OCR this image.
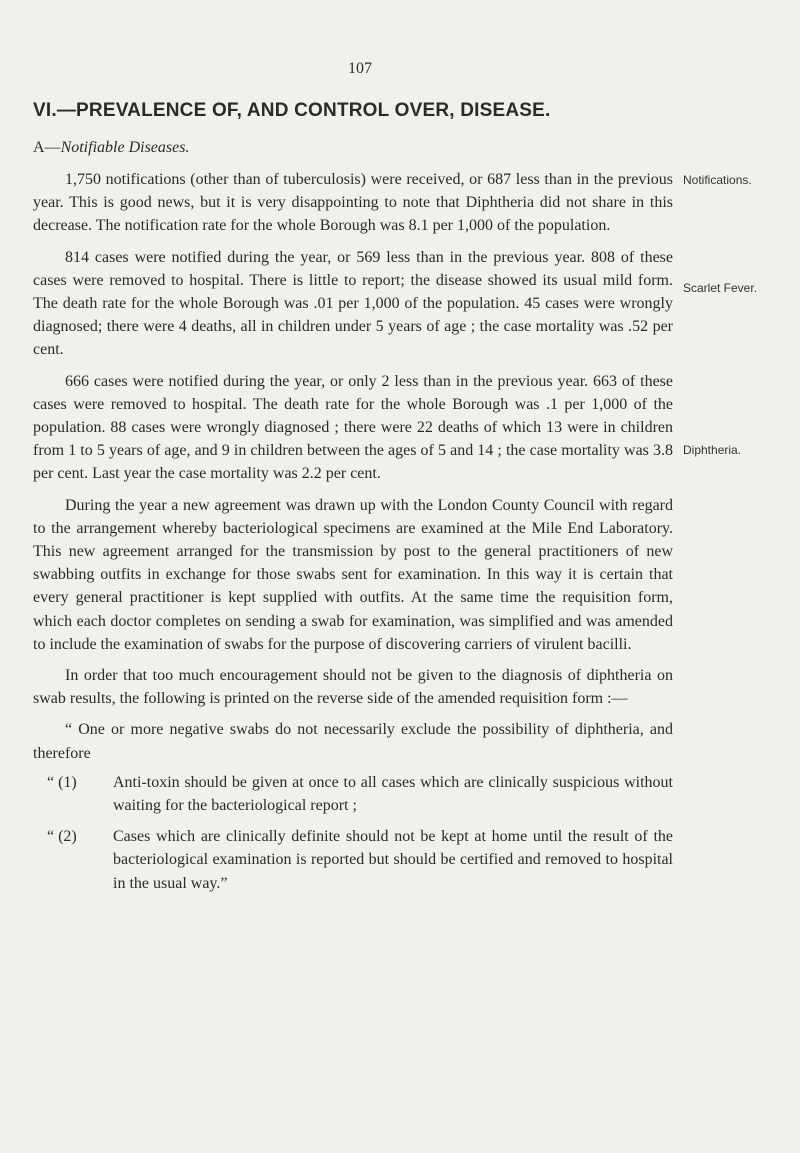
107
VI.—PREVALENCE OF, AND CONTROL OVER, DISEASE.
A—Notifiable Diseases.

1,750 notifications (other than of tuberculosis) were received, or 687 less than in the previous year. This is good news, but it is very disappointing to note that Diphtheria did not share in this decrease. The notification rate for the whole Borough was 8.1 per 1,000 of the population.

814 cases were notified during the year, or 569 less than in the previous year. 808 of these cases were removed to hospital. There is little to report; the disease showed its usual mild form. The death rate for the whole Borough was .01 per 1,000 of the population. 45 cases were wrongly diagnosed; there were 4 deaths, all in children under 5 years of age ; the case mortality was .52 per cent.

666 cases were notified during the year, or only 2 less than in the previous year. 663 of these cases were removed to hospital. The death rate for the whole Borough was .1 per 1,000 of the population. 88 cases were wrongly diagnosed ; there were 22 deaths of which 13 were in children from 1 to 5 years of age, and 9 in children between the ages of 5 and 14 ; the case mortality was 3.8 per cent. Last year the case mortality was 2.2 per cent.

During the year a new agreement was drawn up with the London County Council with regard to the arrangement whereby bacteriological specimens are examined at the Mile End Laboratory. This new agreement arranged for the transmission by post to the general practitioners of new swabbing outfits in exchange for those swabs sent for examination. In this way it is certain that every general practitioner is kept supplied with outfits. At the same time the requisition form, which each doctor completes on sending a swab for examination, was simplified and was amended to include the examination of swabs for the purpose of discovering carriers of virulent bacilli.

In order that too much encouragement should not be given to the diagnosis of diphtheria on swab results, the following is printed on the reverse side of the amended requisition form :—

“ One or more negative swabs do not necessarily exclude the possibility of diphtheria, and therefore

“ (1)	Anti-toxin should be given at once to all cases which are clinically suspicious without waiting for the bacteriological report ;
“ (2)	Cases which are clinically definite should not be kept at home until the result of the bacteriological examination is reported but should be certified and removed to hospital in the usual way.”
Notifications.
Scarlet Fever.
Diphtheria.
